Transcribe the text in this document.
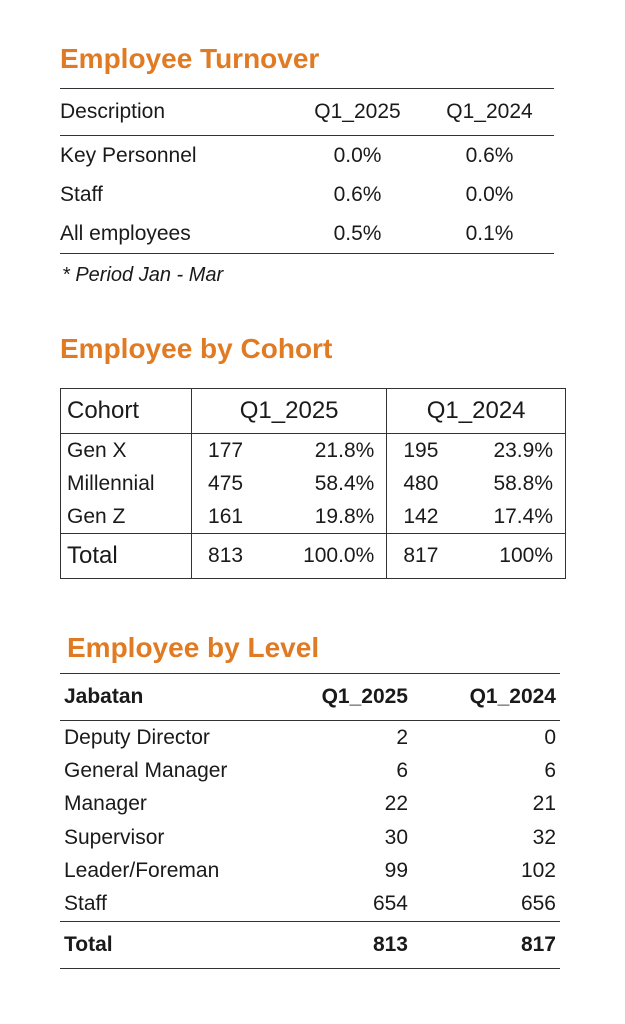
Employee Turnover
Description	Q1_2025	Q1_2024
Key Personnel	0.0%	0.6%
Staff	0.6%	0.0%
All employees	0.5%	0.1%
* Period Jan - Mar
Employee by Cohort
Cohort	Q1_2025		Q1_2024	
Gen X	177	21.8%	195	23.9%
Millennial	475	58.4%	480	58.8%
Gen Z	161	19.8%	142	17.4%
Total	813	100.0%	817	100%
Employee by Level
Jabatan	Q1_2025	Q1_2024
Deputy Director	2	0
General Manager	6	6
Manager	22	21
Supervisor	30	32
Leader/Foreman	99	102
Staff	654	656
Total	813	817
